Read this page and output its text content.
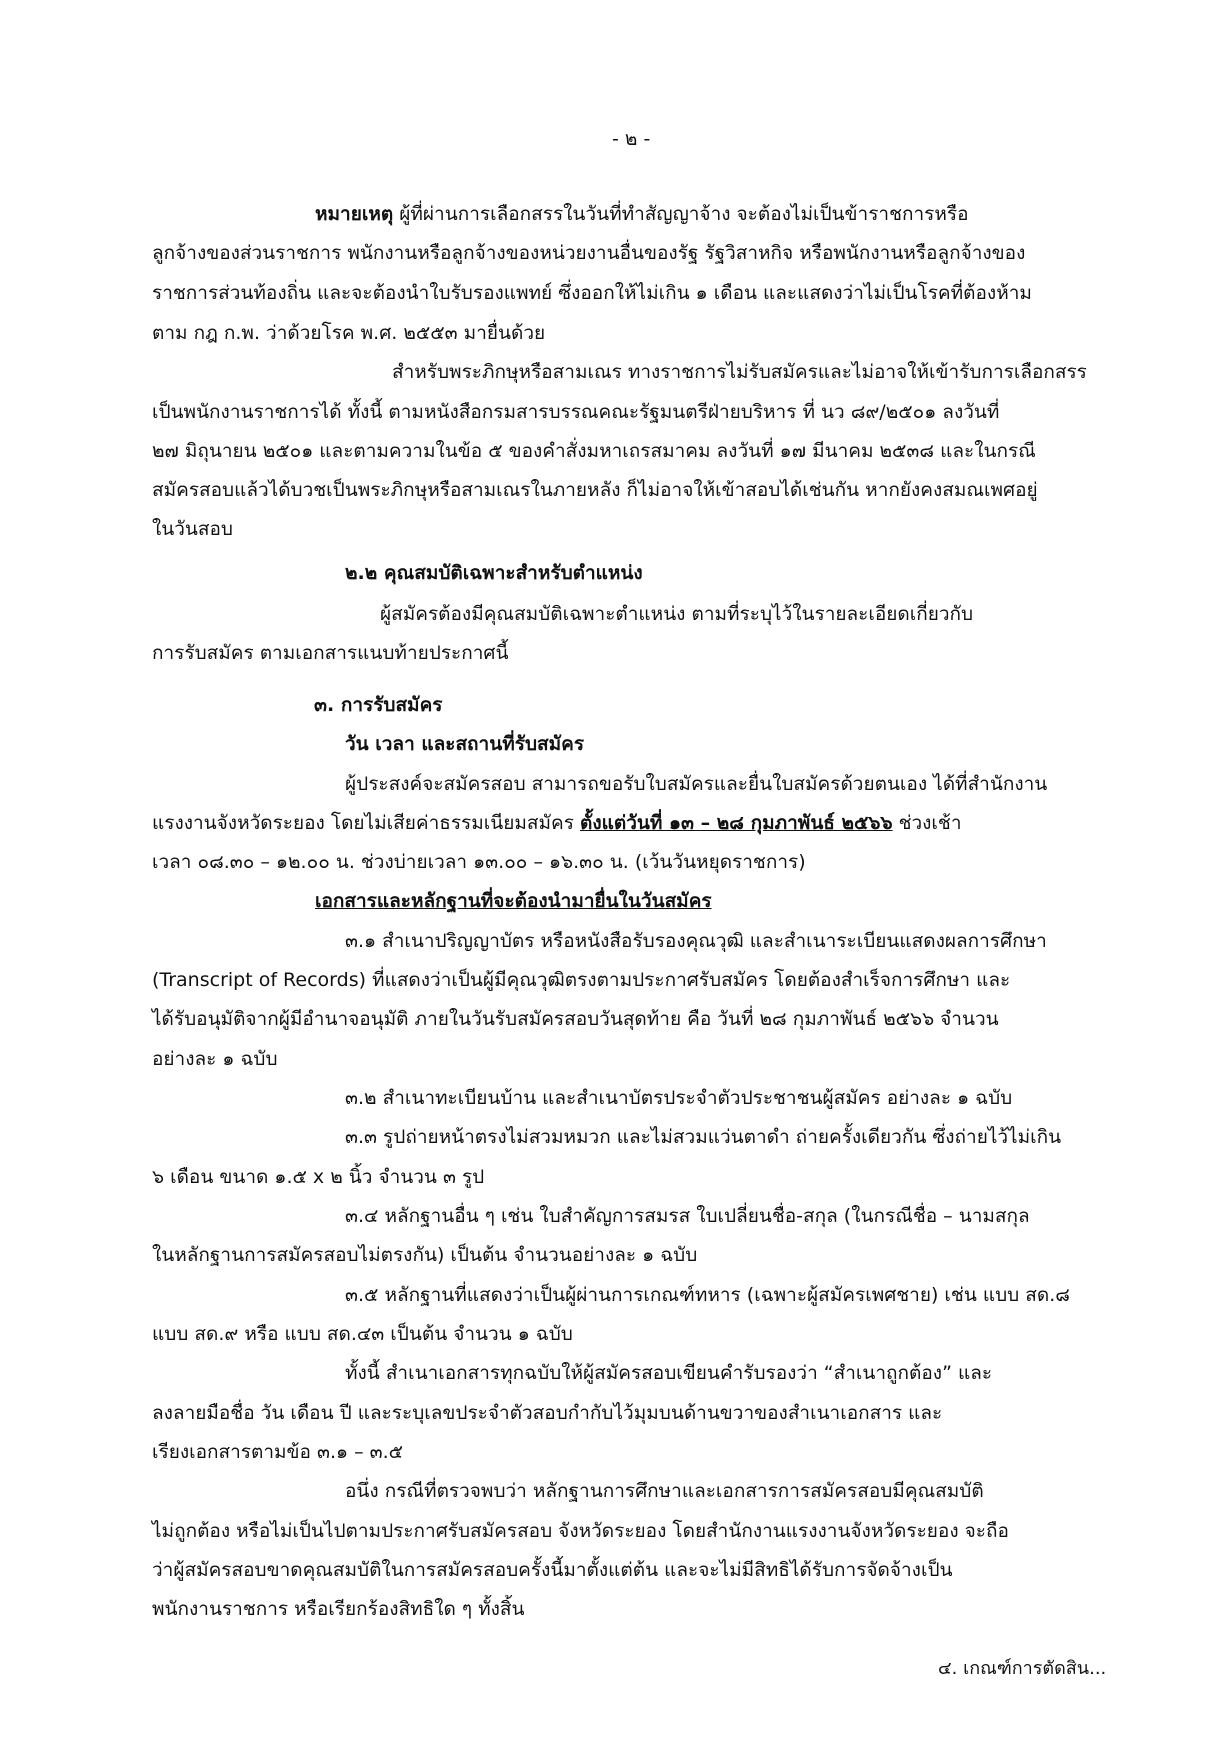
- ๒ -
หมายเหตุ ผู้ที่ผ่านการเลือกสรรในวันที่ทำสัญญาจ้าง จะต้องไม่เป็นข้าราชการหรือ
ลูกจ้างของส่วนราชการ พนักงานหรือลูกจ้างของหน่วยงานอื่นของรัฐ รัฐวิสาหกิจ หรือพนักงานหรือลูกจ้างของ
ราชการส่วนท้องถิ่น และจะต้องนำใบรับรองแพทย์ ซึ่งออกให้ไม่เกิน ๑ เดือน และแสดงว่าไม่เป็นโรคที่ต้องห้าม
ตาม กฎ ก.พ. ว่าด้วยโรค พ.ศ. ๒๕๕๓ มายื่นด้วย
สำหรับพระภิกษุหรือสามเณร ทางราชการไม่รับสมัครและไม่อาจให้เข้ารับการเลือกสรร
เป็นพนักงานราชการได้ ทั้งนี้ ตามหนังสือกรมสารบรรณคณะรัฐมนตรีฝ่ายบริหาร ที่ นว ๘๙/๒๕๐๑ ลงวันที่
๒๗ มิถุนายน ๒๕๐๑ และตามความในข้อ ๕ ของคำสั่งมหาเถรสมาคม ลงวันที่ ๑๗ มีนาคม ๒๕๓๘ และในกรณี
สมัครสอบแล้วได้บวชเป็นพระภิกษุหรือสามเณรในภายหลัง ก็ไม่อาจให้เข้าสอบได้เช่นกัน หากยังคงสมณเพศอยู่
ในวันสอบ
๒.๒ คุณสมบัติเฉพาะสำหรับตำแหน่ง
ผู้สมัครต้องมีคุณสมบัติเฉพาะตำแหน่ง ตามที่ระบุไว้ในรายละเอียดเกี่ยวกับ
การรับสมัคร ตามเอกสารแนบท้ายประกาศนี้
๓. การรับสมัคร
วัน เวลา และสถานที่รับสมัคร
ผู้ประสงค์จะสมัครสอบ สามารถขอรับใบสมัครและยื่นใบสมัครด้วยตนเอง ได้ที่สำนักงาน
แรงงานจังหวัดระยอง โดยไม่เสียค่าธรรมเนียมสมัคร ตั้งแต่วันที่ ๑๓ – ๒๘ กุมภาพันธ์ ๒๕๖๖ ช่วงเช้า
เวลา ๐๘.๓๐ – ๑๒.๐๐ น. ช่วงบ่ายเวลา ๑๓.๐๐ – ๑๖.๓๐ น. (เว้นวันหยุดราชการ)
เอกสารและหลักฐานที่จะต้องนำมายื่นในวันสมัคร
๓.๑ สำเนาปริญญาบัตร หรือหนังสือรับรองคุณวุฒิ และสำเนาระเบียนแสดงผลการศึกษา
(Transcript of Records) ที่แสดงว่าเป็นผู้มีคุณวุฒิตรงตามประกาศรับสมัคร โดยต้องสำเร็จการศึกษา และ
ได้รับอนุมัติจากผู้มีอำนาจอนุมัติ ภายในวันรับสมัครสอบวันสุดท้าย คือ วันที่ ๒๘ กุมภาพันธ์ ๒๕๖๖ จำนวน
อย่างละ ๑ ฉบับ
๓.๒ สำเนาทะเบียนบ้าน และสำเนาบัตรประจำตัวประชาชนผู้สมัคร อย่างละ ๑ ฉบับ
๓.๓ รูปถ่ายหน้าตรงไม่สวมหมวก และไม่สวมแว่นตาดำ ถ่ายครั้งเดียวกัน ซึ่งถ่ายไว้ไม่เกิน
๖ เดือน ขนาด ๑.๕ x ๒ นิ้ว จำนวน ๓ รูป
๓.๔ หลักฐานอื่น ๆ เช่น ใบสำคัญการสมรส ใบเปลี่ยนชื่อ-สกุล (ในกรณีชื่อ – นามสกุล
ในหลักฐานการสมัครสอบไม่ตรงกัน) เป็นต้น จำนวนอย่างละ ๑ ฉบับ
๓.๕ หลักฐานที่แสดงว่าเป็นผู้ผ่านการเกณฑ์ทหาร (เฉพาะผู้สมัครเพศชาย) เช่น แบบ สด.๘
แบบ สด.๙ หรือ แบบ สด.๔๓ เป็นต้น จำนวน ๑ ฉบับ
ทั้งนี้ สำเนาเอกสารทุกฉบับให้ผู้สมัครสอบเขียนคำรับรองว่า “สำเนาถูกต้อง” และ
ลงลายมือชื่อ วัน เดือน ปี และระบุเลขประจำตัวสอบกำกับไว้มุมบนด้านขวาของสำเนาเอกสาร และ
เรียงเอกสารตามข้อ ๓.๑ – ๓.๕
อนึ่ง กรณีที่ตรวจพบว่า หลักฐานการศึกษาและเอกสารการสมัครสอบมีคุณสมบัติ
ไม่ถูกต้อง หรือไม่เป็นไปตามประกาศรับสมัครสอบ จังหวัดระยอง โดยสำนักงานแรงงานจังหวัดระยอง จะถือ
ว่าผู้สมัครสอบขาดคุณสมบัติในการสมัครสอบครั้งนี้มาตั้งแต่ต้น และจะไม่มีสิทธิได้รับการจัดจ้างเป็น
พนักงานราชการ หรือเรียกร้องสิทธิใด ๆ ทั้งสิ้น
๔. เกณฑ์การตัดสิน...
